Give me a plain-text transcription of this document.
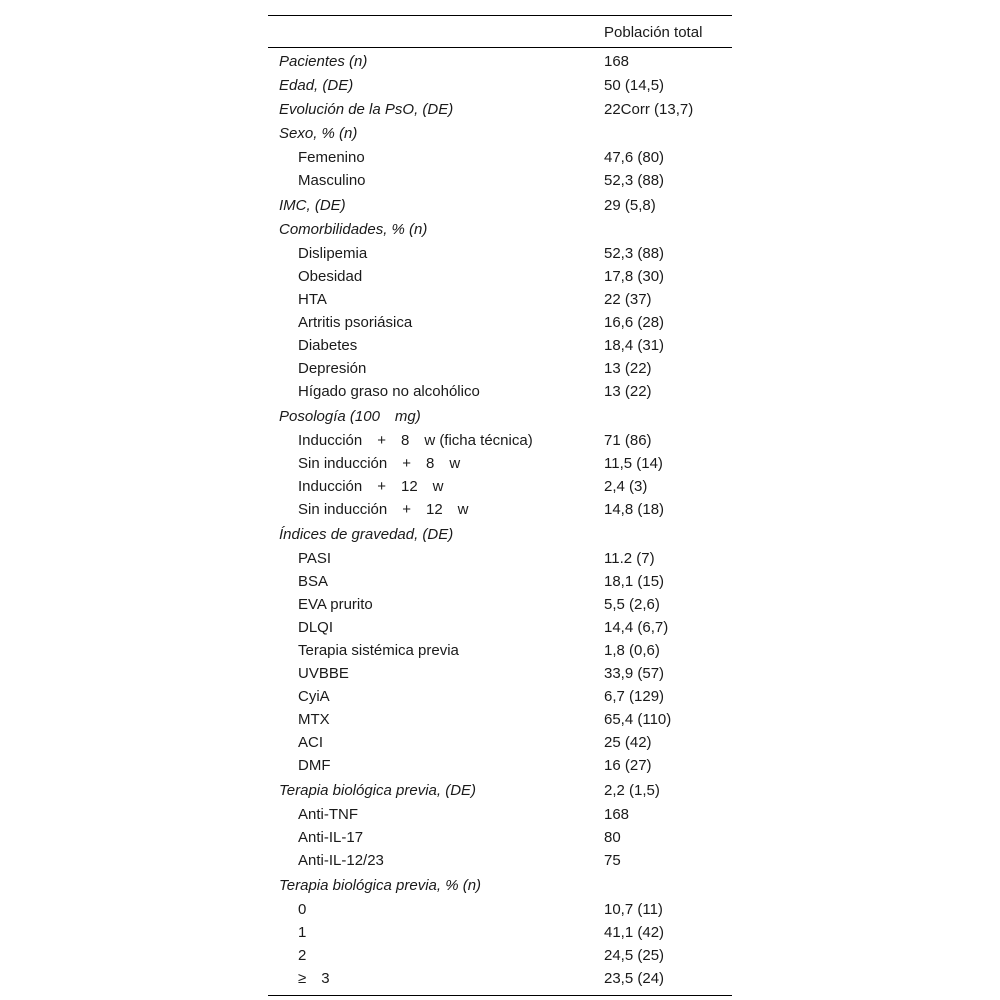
Población total
Pacientes (n)	168
Edad, (DE)	50 (14,5)
Evolución de la PsO, (DE)	22Corr (13,7)
Sexo, % (n)
Femenino	47,6 (80)
Masculino	52,3 (88)
IMC, (DE)	29 (5,8)
Comorbilidades, % (n)
Dislipemia	52,3 (88)
Obesidad	17,8 (30)
HTA	22 (37)
Artritis psoriásica	16,6 (28)
Diabetes	18,4 (31)
Depresión	13 (22)
Hígado graso no alcohólico	13 (22)
Posología (100 mg)
Inducción + 8 w (ficha técnica)	71 (86)
Sin inducción + 8 w	11,5 (14)
Inducción + 12 w	2,4 (3)
Sin inducción + 12 w	14,8 (18)
Índices de gravedad, (DE)
PASI	11.2 (7)
BSA	18,1 (15)
EVA prurito	5,5 (2,6)
DLQI	14,4 (6,7)
Terapia sistémica previa	1,8 (0,6)
UVBBE	33,9 (57)
CyiA	6,7 (129)
MTX	65,4 (110)
ACI	25 (42)
DMF	16 (27)
Terapia biológica previa, (DE)	2,2 (1,5)
Anti-TNF	168
Anti-IL-17	80
Anti-IL-12/23	75
Terapia biológica previa, % (n)
0	10,7 (11)
1	41,1 (42)
2	24,5 (25)
≥ 3	23,5 (24)
